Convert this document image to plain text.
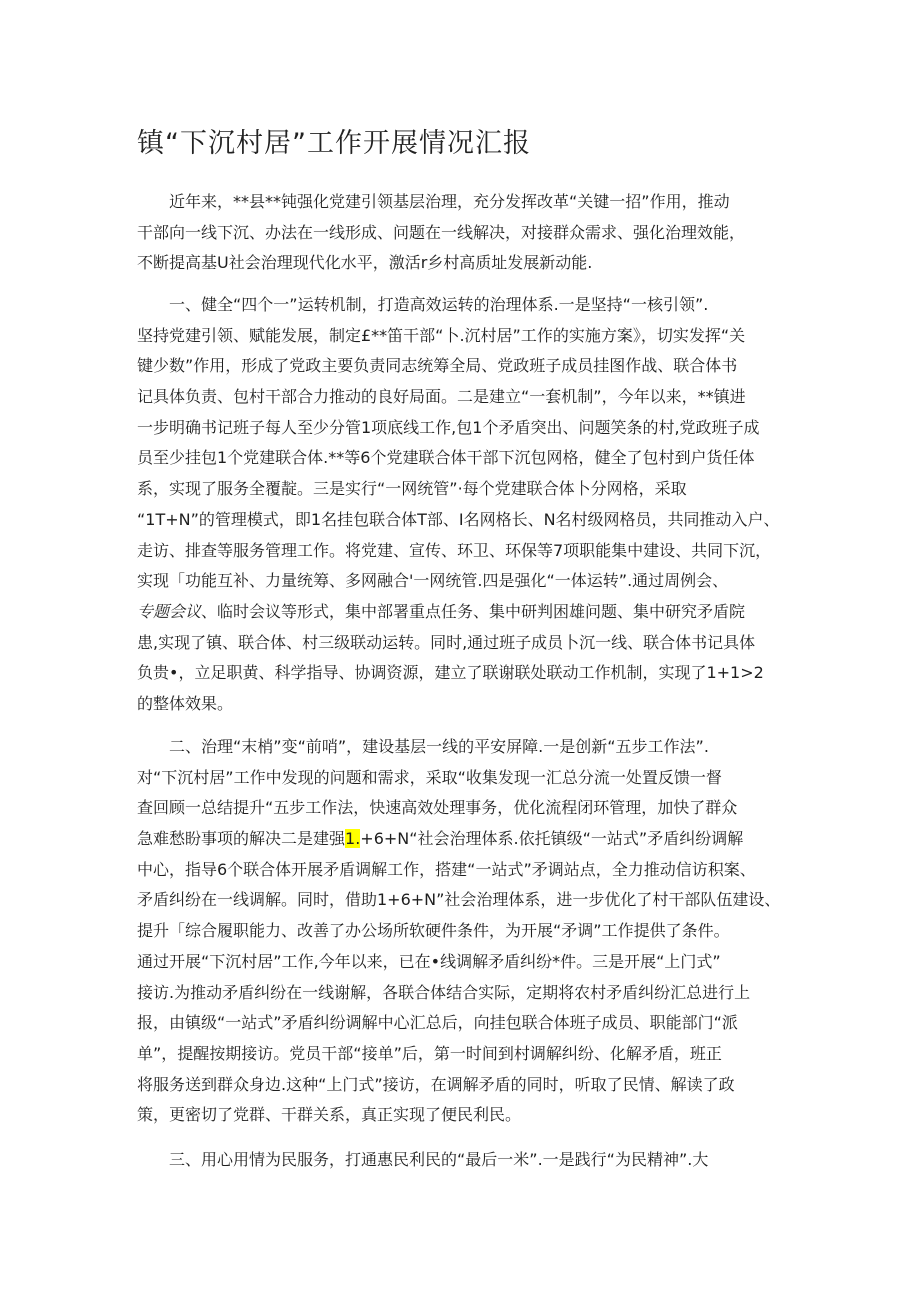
镇“下沉村居”工作开展情况汇报
近年来，**县**钝强化党建引领基层治理，充分发挥改革“关键一招”作用，推动
干部向一线下沉、办法在一线形成、问题在一线解决，对接群众需求、强化治理效能，
不断提高基U社会治理现代化水平，激活r乡村高质址发展新动能.
一、健全“四个一”运转机制，打造高效运转的治理体系.一是坚持“一核引领”.
坚持党建引领、赋能发展，制定£**笛干部“卜.沉村居”工作的实施方案》，切实发挥“关
键少数”作用，形成了党政主要负责同志统筹全局、党政班子成员挂图作战、联合体书
记具体负责、包村干部合力推动的良好局面。二是建立“一套机制”，今年以来，**镇进
一步明确书记班子每人至少分管1项底线工作,包1个矛盾突出、问题笑条的村,党政班子成
员至少挂包1个党建联合体.**等6个党建联合体干部下沉包网格，健全了包村到户货任体
系，实现了服务全覆靛。三是实行“一网统管”·每个党建联合体卜分网格，采取
“1T+N”的管理模式，即1名挂包联合体T部、I名网格长、N名村级网格员，共同推动入户、
走访、排查等服务管理工作。将党建、宣传、环卫、环保等7项职能集中建设、共同下沉，
实现「功能互补、力量统筹、多网融合'一网统管.四是强化“一体运转”.通过周例会、
专题会议、临时会议等形式，集中部署重点任务、集中研判困雄问题、集中研究矛盾院
患,实现了镇、联合体、村三级联动运转。同时,通过班子成员卜沉一线、联合体书记具体
负贵•，立足职黄、科学指导、协调资源，建立了联谢联处联动工作机制，实现了1+1>2
的整体效果。
二、治理“末梢”变“前哨”，建设基层一线的平安屏障.一是创新“五步工作法”.
对“下沉村居”工作中发现的问题和需求，采取“收集发现一汇总分流一处置反馈一督
查回顾一总结提升“五步工作法，快速高效处理事务，优化流程闭环管理，加快了群众
急难愁盼事项的解决二是建强1.+6+N“社会治理体系.依托镇级“一站式”矛盾纠纷调解
中心，指导6个联合体开展矛盾调解工作，搭建“一站式”矛调站点，全力推动信访积案、
矛盾纠纷在一线调解。同时，借助1+6+N”社会治理体系，进一步优化了村干部队伍建设、
提升「综合履职能力、改善了办公场所软硬件条件，为开展“矛调”工作提供了条件。
通过开展“下沉村居”工作,今年以来，已在•线调解矛盾纠纷*件。三是开展“上门式”
接访.为推动矛盾纠纷在一线谢解，各联合体结合实际，定期将农村矛盾纠纷汇总进行上
报，由镇级“一站式”矛盾纠纷调解中心汇总后，向挂包联合体班子成员、职能部门“派
单”，提醒按期接访。党员干部“接单”后，第一时间到村调解纠纷、化解矛盾，班正
将服务送到群众身边.这种“上门式”接访，在调解矛盾的同时，听取了民情、解读了政
策，更密切了党群、干群关系，真正实现了便民利民。
三、用心用情为民服务，打通惠民利民的“最后一米”.一是践行“为民精神”.大
